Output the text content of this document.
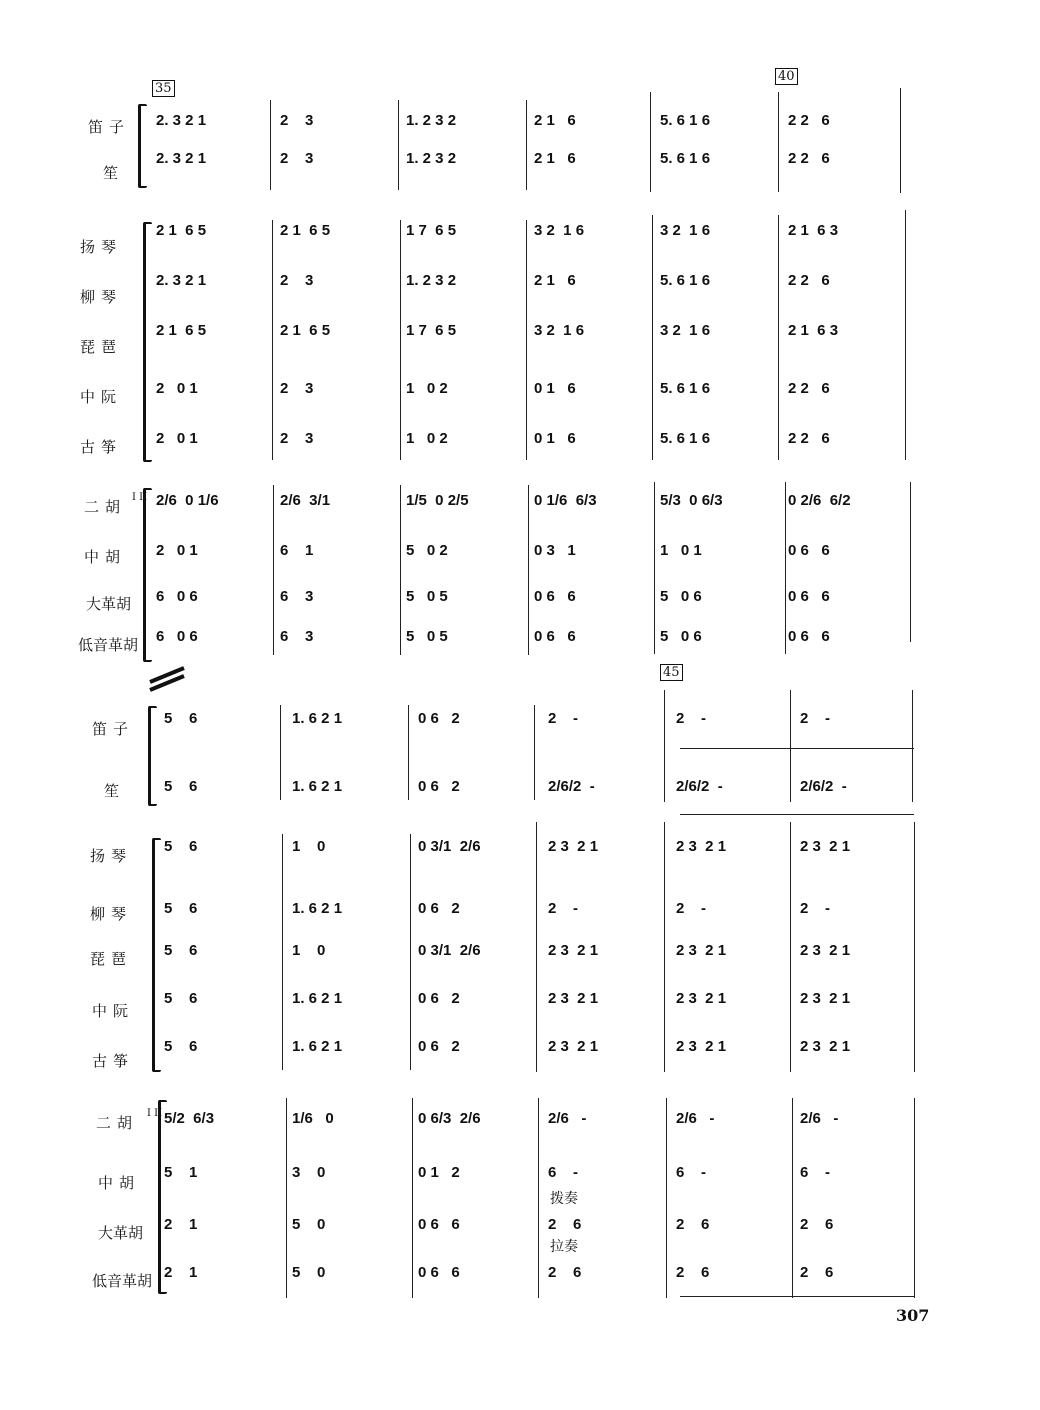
35
40
45
笛子
笙
扬琴
柳琴
琵琶
中阮
古筝
二胡
I II
中胡
大革胡
低音革胡
2. 3 2 1	2    3	1. 2 3 2	2 1   6	5. 6 1 6	2 2   6
2. 3 2 1	2    3	1. 2 3 2	2 1   6	5. 6 1 6	2 2   6
2 1  6 5	2 1  6 5	1 7  6 5	3 2  1 6	3 2  1 6	2 1  6 3
2. 3 2 1	2    3	1. 2 3 2	2 1   6	5. 6 1 6	2 2   6
2 1  6 5	2 1  6 5	1 7  6 5	3 2  1 6	3 2  1 6	2 1  6 3
2   0 1	2    3	1   0 2	0 1   6	5. 6 1 6	2 2   6
2   0 1	2    3	1   0 2	0 1   6	5. 6 1 6	2 2   6
2/6  0 1/6	2/6  3/1	1/5  0 2/5	0 1/6  6/3	5/3  0 6/3	0 2/6  6/2
2   0 1	6    1	5   0 2	0 3   1	1   0 1	0 6   6
6   0 6	6    3	5   0 5	0 6   6	5   0 6	0 6   6
6   0 6	6    3	5   0 5	0 6   6	5   0 6	0 6   6
笛子
笙
扬琴
柳琴
琵琶
中阮
古筝
二胡
I II
中胡
大革胡
低音革胡
5    6	1. 6 2 1	0 6   2	2    -	2    -	2    -
5    6	1. 6 2 1	0 6   2	2/6/2  -	2/6/2  -	2/6/2  -
5    6	1    0	0 3/1  2/6	2 3  2 1	2 3  2 1	2 3  2 1
5    6	1. 6 2 1	0 6   2	2    -	2    -	2    -
5    6	1    0	0 3/1  2/6	2 3  2 1	2 3  2 1	2 3  2 1
5    6	1. 6 2 1	0 6   2	2 3  2 1	2 3  2 1	2 3  2 1
5    6	1. 6 2 1	0 6   2	2 3  2 1	2 3  2 1	2 3  2 1
5/2  6/3	1/6   0	0 6/3  2/6	2/6   -	2/6   -	2/6   -
5    1	3    0	0 1   2	6    -	6    -	6    -
2    1	5    0	0 6   6	2    6	2    6	2    6
2    1	5    0	0 6   6	2    6	2    6	2    6
拨奏
拉奏
307
